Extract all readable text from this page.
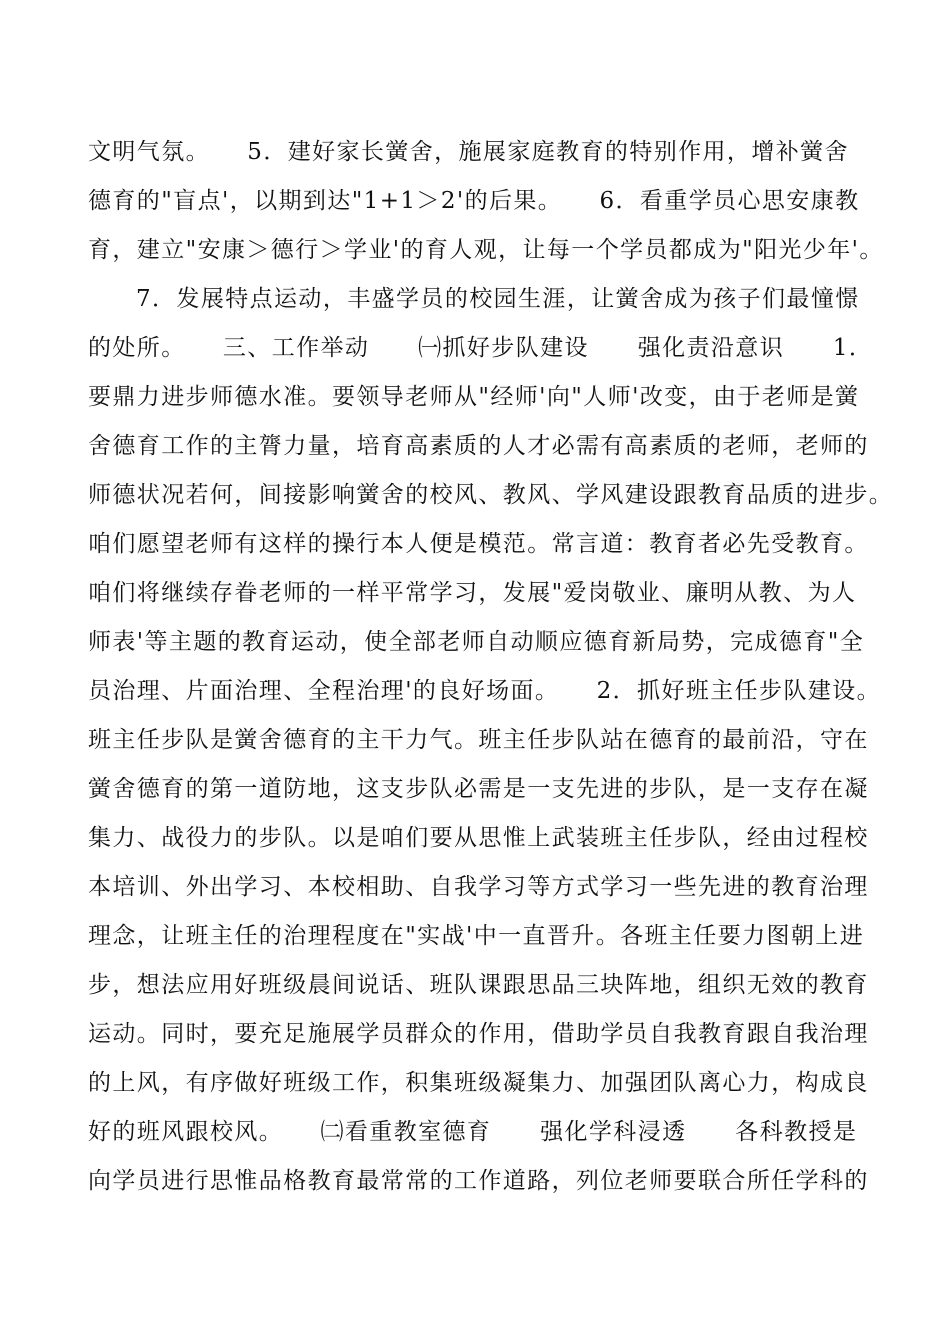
文明气氛。　　5．建好家长黉舍，施展家庭教育的特别作用，增补黉舍
德育的"盲点'，以期到达"1+1＞2'的后果。　　6．看重学员心思安康教
育，建立"安康＞德行＞学业'的育人观，让每一个学员都成为"阳光少年'。
7．发展特点运动，丰盛学员的校园生涯，让黉舍成为孩子们最憧憬
的处所。　　三、工作举动　　㈠抓好步队建设　　强化责沿意识　　1．
要鼎力进步师德水准。要领导老师从"经师'向"人师'改变，由于老师是黉
舍德育工作的主膂力量，培育高素质的人才必需有高素质的老师，老师的
师德状况若何，间接影响黉舍的校风、教风、学风建设跟教育品质的进步。
咱们愿望老师有这样的操行本人便是模范。常言道：教育者必先受教育。
咱们将继续存眷老师的一样平常学习，发展"爱岗敬业、廉明从教、为人
师表'等主题的教育运动，使全部老师自动顺应德育新局势，完成德育"全
员治理、片面治理、全程治理'的良好场面。　　2．抓好班主任步队建设。
班主任步队是黉舍德育的主干力气。班主任步队站在德育的最前沿，守在
黉舍德育的第一道防地，这支步队必需是一支先进的步队，是一支存在凝
集力、战役力的步队。以是咱们要从思惟上武装班主任步队，经由过程校
本培训、外出学习、本校相助、自我学习等方式学习一些先进的教育治理
理念，让班主任的治理程度在"实战'中一直晋升。各班主任要力图朝上进
步，想法应用好班级晨间说话、班队课跟思品三块阵地，组织无效的教育
运动。同时，要充足施展学员群众的作用，借助学员自我教育跟自我治理
的上风，有序做好班级工作，积集班级凝集力、加强团队离心力，构成良
好的班风跟校风。　　㈡看重教室德育　　强化学科浸透　　各科教授是
向学员进行思惟品格教育最常常的工作道路，列位老师要联合所任学科的
